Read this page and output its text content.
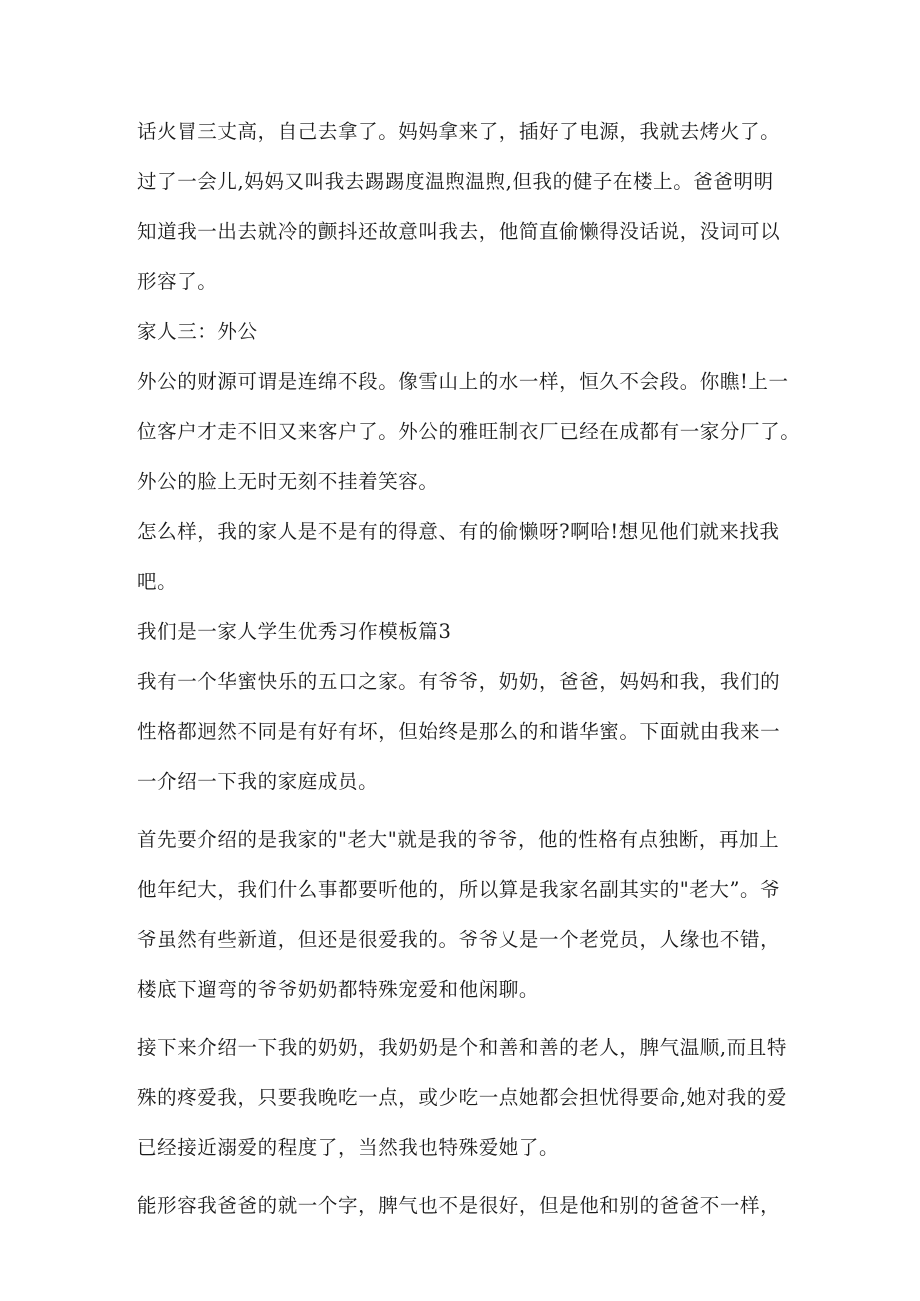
话火冒三丈高，自己去拿了。妈妈拿来了，插好了电源，我就去烤火了。
过了一会儿,妈妈又叫我去踢踢度温煦温煦,但我的健子在楼上。爸爸明明
知道我一出去就冷的颤抖还故意叫我去，他简直偷懒得没话说，没词可以
形容了。
家人三：外公
外公的财源可谓是连绵不段。像雪山上的水一样，恒久不会段。你瞧!上一
位客户才走不旧又来客户了。外公的雅旺制衣厂已经在成都有一家分厂了。
外公的脸上无时无刻不挂着笑容。
怎么样，我的家人是不是有的得意、有的偷懒呀?啊哈!想见他们就来找我
吧。
我们是一家人学生优秀习作模板篇3
我有一个华蜜快乐的五口之家。有爷爷，奶奶，爸爸，妈妈和我，我们的
性格都迥然不同是有好有坏，但始终是那么的和谐华蜜。下面就由我来一
一介绍一下我的家庭成员。
首先要介绍的是我家的"老大"就是我的爷爷，他的性格有点独断，再加上
他年纪大，我们什么事都要听他的，所以算是我家名副其实的"老大”。爷
爷虽然有些新道，但还是很爱我的。爷爷乂是一个老党员，人缘也不错，
楼底下遛弯的爷爷奶奶都特殊宠爱和他闲聊。
接下来介绍一下我的奶奶，我奶奶是个和善和善的老人，脾气温顺,而且特
殊的疼爱我，只要我晚吃一点，或少吃一点她都会担忧得要命,她对我的爱
已经接近溺爱的程度了，当然我也特殊爱她了。
能形容我爸爸的就一个字，脾气也不是很好，但是他和别的爸爸不一样，
